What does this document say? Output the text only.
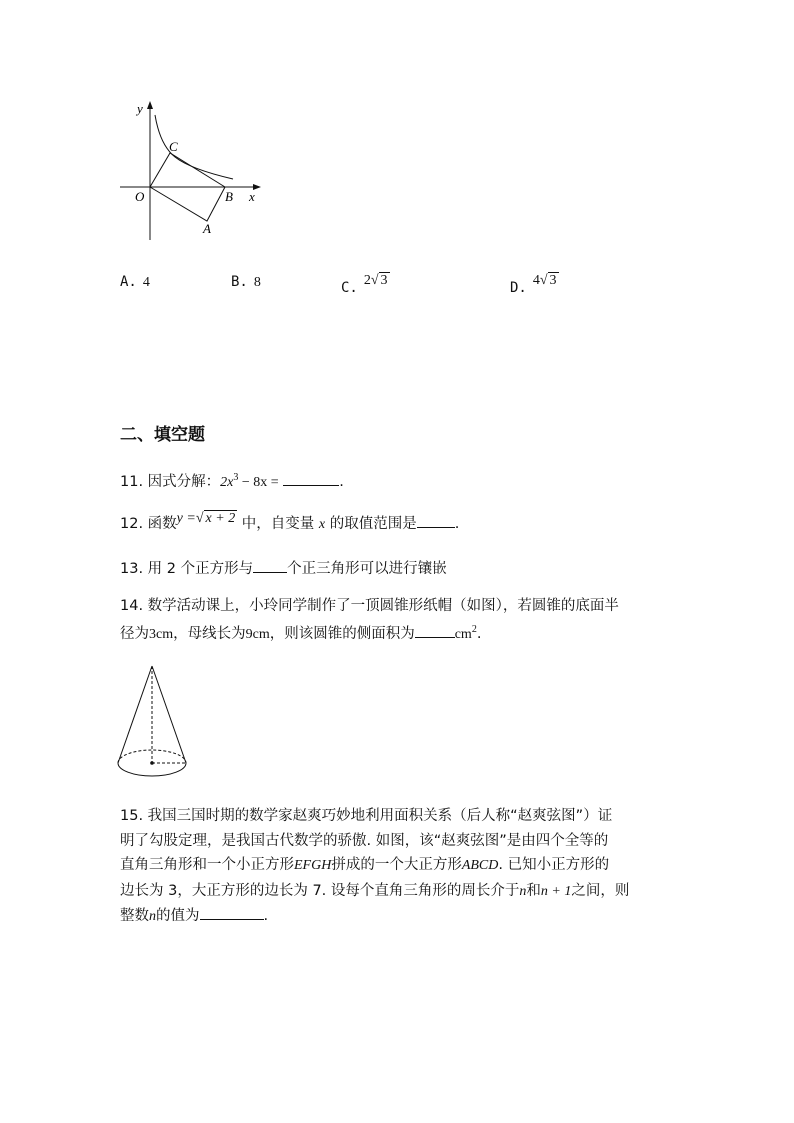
y
x
O
C
B
A
A. 4	B. 8	C. 2√ 3	D. 4√ 3
二、填空题
11. 因式分解：$2x^3 - 8x$ =	.
12. 函数y =√ x + 2 中，自变量 x 的取值范围是	.
13. 用 2 个正方形与 个正三角形可以进行镶嵌
14. 数学活动课上，小玲同学制作了一顶圆锥形纸帽（如图），若圆锥的底面半
径为3cm，母线长为9cm，则该圆锥的侧面积为	$cm^2$.
15. 我国三国时期的数学家赵爽巧妙地利用面积关系（后人称“赵爽弦图”）证
明了勾股定理，是我国古代数学的骄傲. 如图，该“赵爽弦图”是由四个全等的
直角三角形和一个小正方形EFGH拼成的一个大正方形ABCD. 已知小正方形的
边长为 3，大正方形的边长为 7. 设每个直角三角形的周长介于n和n + 1之间，则
整数n的值为	.
